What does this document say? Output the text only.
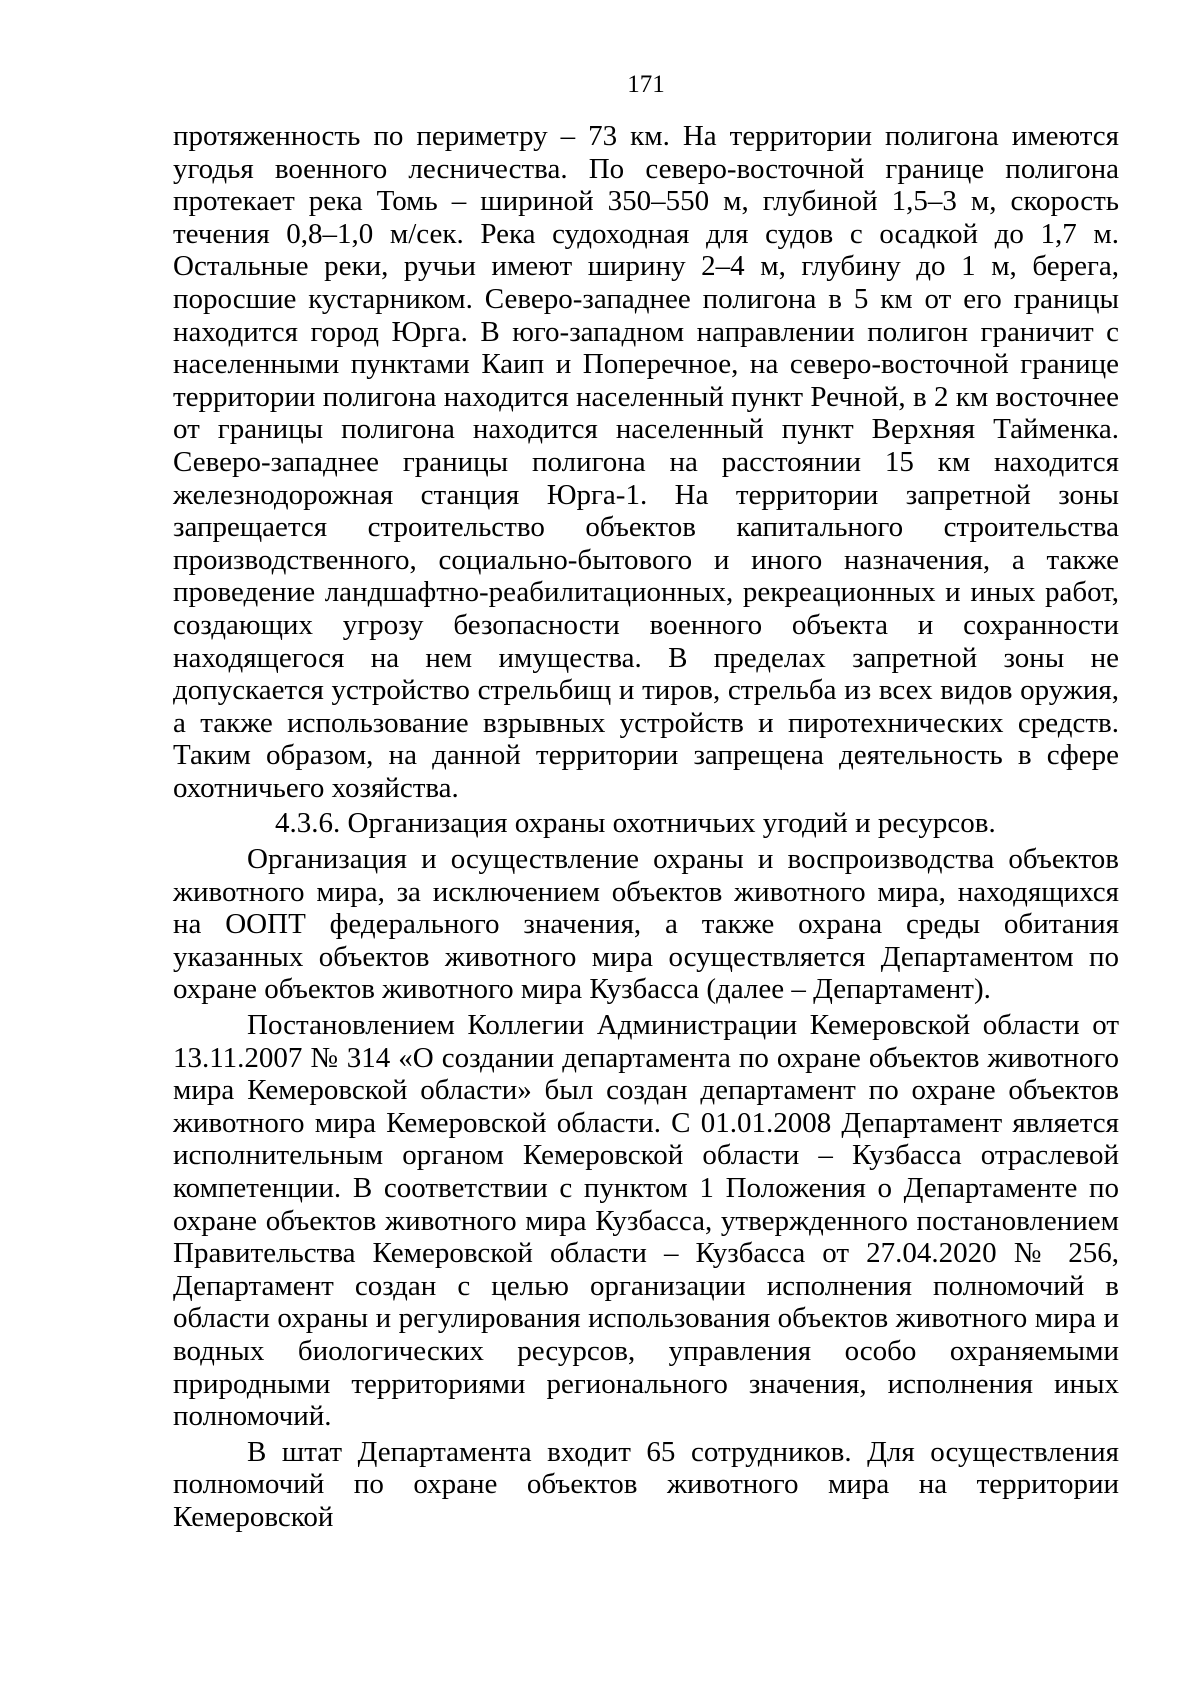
171

протяженность по периметру – 73 км. На территории полигона имеются угодья военного лесничества. По северо-восточной границе полигона протекает река Томь – шириной 350–550 м, глубиной 1,5–3 м, скорость течения 0,8–1,0 м/сек. Река судоходная для судов с осадкой до 1,7 м. Остальные реки, ручьи имеют ширину 2–4 м, глубину до 1 м, берега, поросшие кустарником. Северо-западнее полигона в 5 км от его границы находится город Юрга. В юго-западном направлении полигон граничит с населенными пунктами Каип и Поперечное, на северо-восточной границе территории полигона находится населенный пункт Речной, в 2 км восточнее от границы полигона находится населенный пункт Верхняя Тайменка. Северо-западнее границы полигона на расстоянии 15 км находится железнодорожная станция Юрга-1. На территории запретной зоны запрещается строительство объектов капитального строительства производственного, социально-бытового и иного назначения, а также проведение ландшафтно-реабилитационных, рекреационных и иных работ, создающих угрозу безопасности военного объекта и сохранности находящегося на нем имущества. В пределах запретной зоны не допускается устройство стрельбищ и тиров, стрельба из всех видов оружия, а также использование взрывных устройств и пиротехнических средств. Таким образом, на данной территории запрещена деятельность в сфере охотничьего хозяйства.

4.3.6. Организация охраны охотничьих угодий и ресурсов.

Организация и осуществление охраны и воспроизводства объектов животного мира, за исключением объектов животного мира, находящихся на ООПТ федерального значения, а также охрана среды обитания указанных объектов животного мира осуществляется Департаментом по охране объектов животного мира Кузбасса (далее – Департамент).

Постановлением Коллегии Администрации Кемеровской области от 13.11.2007 № 314 «О создании департамента по охране объектов животного мира Кемеровской области» был создан департамент по охране объектов животного мира Кемеровской области. С 01.01.2008 Департамент является исполнительным органом Кемеровской области – Кузбасса отраслевой компетенции. В соответствии с пунктом 1 Положения о Департаменте по охране объектов животного мира Кузбасса, утвержденного постановлением Правительства Кемеровской области – Кузбасса от 27.04.2020 № 256, Департамент создан с целью организации исполнения полномочий в области охраны и регулирования использования объектов животного мира и водных биологических ресурсов, управления особо охраняемыми природными территориями регионального значения, исполнения иных полномочий.

В штат Департамента входит 65 сотрудников. Для осуществления полномочий по охране объектов животного мира на территории Кемеровской
